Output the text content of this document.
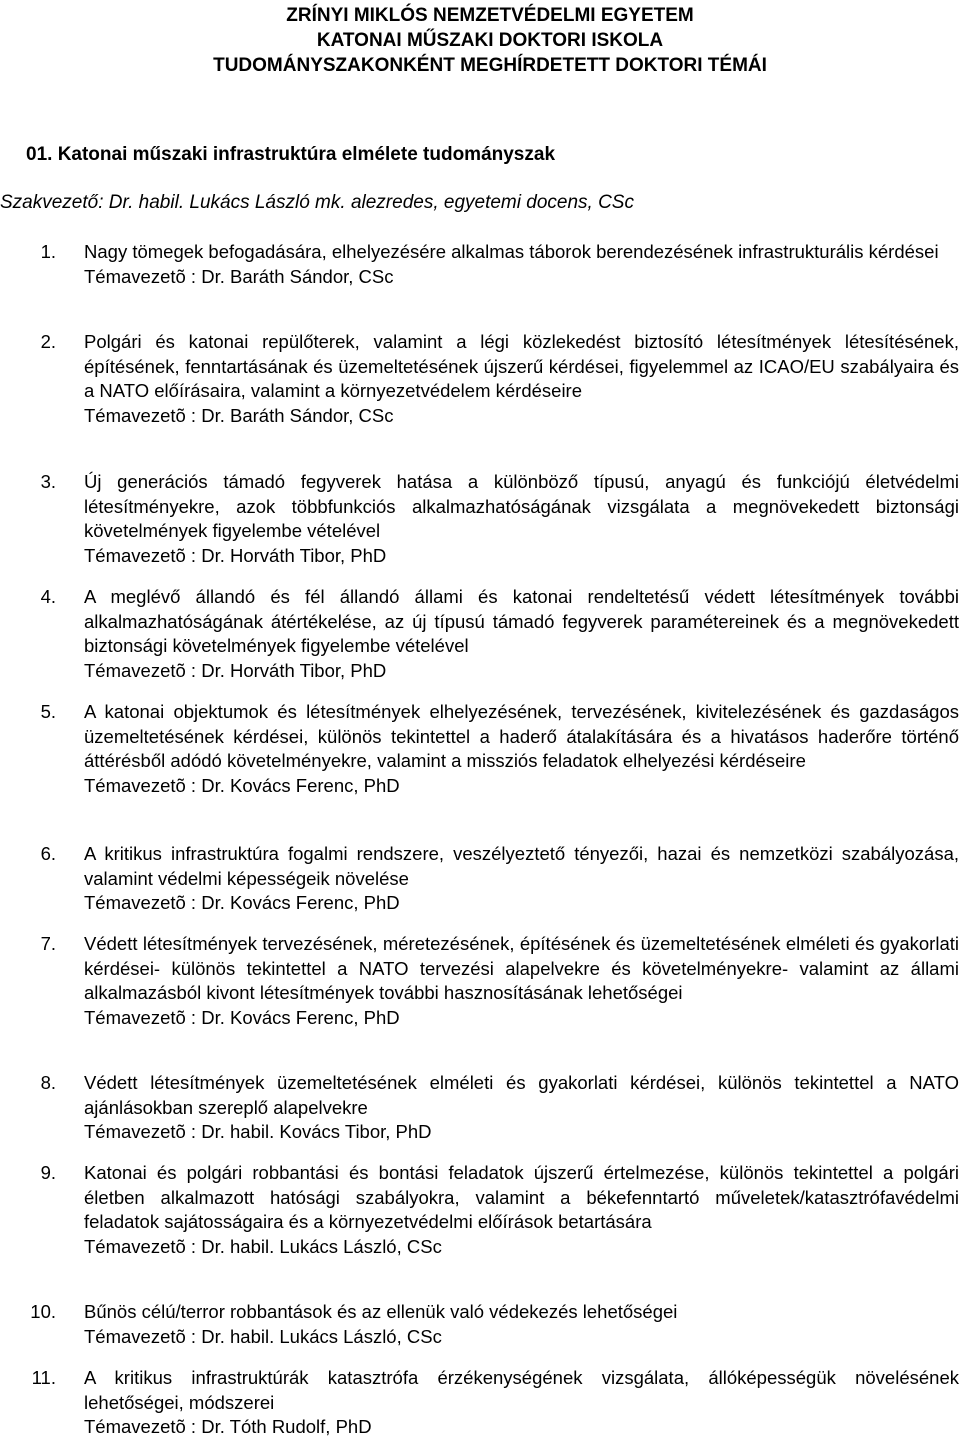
ZRÍNYI MIKLÓS NEMZETVÉDELMI EGYETEM
KATONAI MŰSZAKI DOKTORI ISKOLA
TUDOMÁNYSZAKONKÉNT MEGHÍRDETETT DOKTORI TÉMÁI
01. Katonai műszaki infrastruktúra elmélete tudományszak
Szakvezető: Dr. habil. Lukács László mk. alezredes, egyetemi docens, CSc
1. Nagy tömegek befogadására, elhelyezésére alkalmas táborok berendezésének infrastrukturális kérdései
Témavezetõ : Dr. Baráth Sándor, CSc
2. Polgári és katonai repülőterek, valamint a légi közlekedést biztosító létesítmények létesítésének, építésének, fenntartásának és üzemeltetésének újszerű kérdései, figyelemmel az ICAO/EU szabályaira és a NATO előírásaira, valamint a környezetvédelem kérdéseire
Témavezetõ : Dr. Baráth Sándor, CSc
3. Új generációs támadó fegyverek hatása a különböző típusú, anyagú és funkciójú életvédelmi létesítményekre, azok többfunkciós alkalmazhatóságának vizsgálata a megnövekedett biztonsági követelmények figyelembe vételével
Témavezetõ : Dr. Horváth Tibor, PhD
4. A meglévő állandó és fél állandó állami és katonai rendeltetésű védett létesítmények további alkalmazhatóságának átértékelése, az új típusú támadó fegyverek paramétereinek és a megnövekedett biztonsági követelmények figyelembe vételével
Témavezetõ : Dr. Horváth Tibor, PhD
5. A katonai objektumok és létesítmények elhelyezésének, tervezésének, kivitelezésének és gazdaságos üzemeltetésének kérdései, különös tekintettel a haderő átalakítására és a hivatásos haderőre történő áttérésből adódó követelményekre, valamint a missziós feladatok elhelyezési kérdéseire
Témavezetõ : Dr. Kovács Ferenc, PhD
6. A kritikus infrastruktúra fogalmi rendszere, veszélyeztető tényezői, hazai és nemzetközi szabályozása, valamint védelmi képességeik növelése
Témavezetõ : Dr. Kovács Ferenc, PhD
7. Védett létesítmények tervezésének, méretezésének, építésének és üzemeltetésének elméleti és gyakorlati kérdései- különös tekintettel a NATO tervezési alapelvekre és követelményekre- valamint az állami alkalmazásból kivont létesítmények további hasznosításának lehetőségei
Témavezetõ : Dr. Kovács Ferenc, PhD
8. Védett létesítmények üzemeltetésének elméleti és gyakorlati kérdései, különös tekintettel a NATO ajánlásokban szereplő alapelvekre
Témavezetõ : Dr. habil. Kovács Tibor, PhD
9. Katonai és polgári robbantási és bontási feladatok újszerű értelmezése, különös tekintettel a polgári életben alkalmazott hatósági szabályokra, valamint a békefenntartó műveletek/katasztrófavédelmi feladatok sajátosságaira és a környezetvédelmi előírások betartására
Témavezetõ : Dr. habil. Lukács László, CSc
10. Bűnös célú/terror robbantások és az ellenük való védekezés lehetőségei
Témavezetõ : Dr. habil. Lukács László, CSc
11. A kritikus infrastruktúrák katasztrófa érzékenységének vizsgálata, állóképességük növelésének lehetőségei, módszerei
Témavezetõ : Dr. Tóth Rudolf, PhD
